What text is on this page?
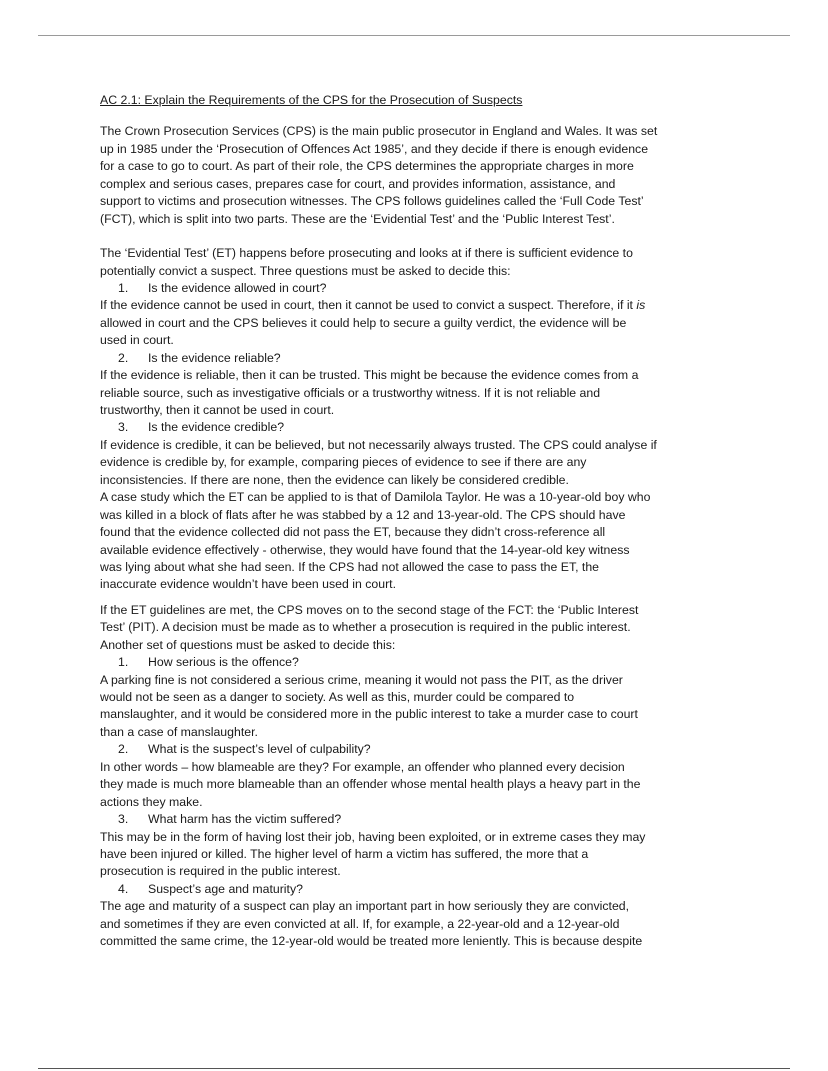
AC 2.1: Explain the Requirements of the CPS for the Prosecution of Suspects
The Crown Prosecution Services (CPS) is the main public prosecutor in England and Wales. It was set
up in 1985 under the ‘Prosecution of Offences Act 1985’, and they decide if there is enough evidence
for a case to go to court. As part of their role, the CPS determines the appropriate charges in more
complex and serious cases, prepares case for court, and provides information, assistance, and
support to victims and prosecution witnesses. The CPS follows guidelines called the ‘Full Code Test’
(FCT), which is split into two parts. These are the ‘Evidential Test’ and the ‘Public Interest Test’.
The ‘Evidential Test’ (ET) happens before prosecuting and looks at if there is sufficient evidence to
potentially convict a suspect. Three questions must be asked to decide this:
1. Is the evidence allowed in court?
If the evidence cannot be used in court, then it cannot be used to convict a suspect. Therefore, if it is
allowed in court and the CPS believes it could help to secure a guilty verdict, the evidence will be
used in court.
2. Is the evidence reliable?
If the evidence is reliable, then it can be trusted. This might be because the evidence comes from a
reliable source, such as investigative officials or a trustworthy witness. If it is not reliable and
trustworthy, then it cannot be used in court.
3. Is the evidence credible?
If evidence is credible, it can be believed, but not necessarily always trusted. The CPS could analyse if
evidence is credible by, for example, comparing pieces of evidence to see if there are any
inconsistencies. If there are none, then the evidence can likely be considered credible.
A case study which the ET can be applied to is that of Damilola Taylor. He was a 10-year-old boy who
was killed in a block of flats after he was stabbed by a 12 and 13-year-old. The CPS should have
found that the evidence collected did not pass the ET, because they didn’t cross-reference all
available evidence effectively - otherwise, they would have found that the 14-year-old key witness
was lying about what she had seen. If the CPS had not allowed the case to pass the ET, the
inaccurate evidence wouldn’t have been used in court.
If the ET guidelines are met, the CPS moves on to the second stage of the FCT: the ‘Public Interest
Test’ (PIT). A decision must be made as to whether a prosecution is required in the public interest.
Another set of questions must be asked to decide this:
1. How serious is the offence?
A parking fine is not considered a serious crime, meaning it would not pass the PIT, as the driver
would not be seen as a danger to society. As well as this, murder could be compared to
manslaughter, and it would be considered more in the public interest to take a murder case to court
than a case of manslaughter.
2. What is the suspect’s level of culpability?
In other words – how blameable are they? For example, an offender who planned every decision
they made is much more blameable than an offender whose mental health plays a heavy part in the
actions they make.
3. What harm has the victim suffered?
This may be in the form of having lost their job, having been exploited, or in extreme cases they may
have been injured or killed. The higher level of harm a victim has suffered, the more that a
prosecution is required in the public interest.
4. Suspect’s age and maturity?
The age and maturity of a suspect can play an important part in how seriously they are convicted,
and sometimes if they are even convicted at all. If, for example, a 22-year-old and a 12-year-old
committed the same crime, the 12-year-old would be treated more leniently. This is because despite
